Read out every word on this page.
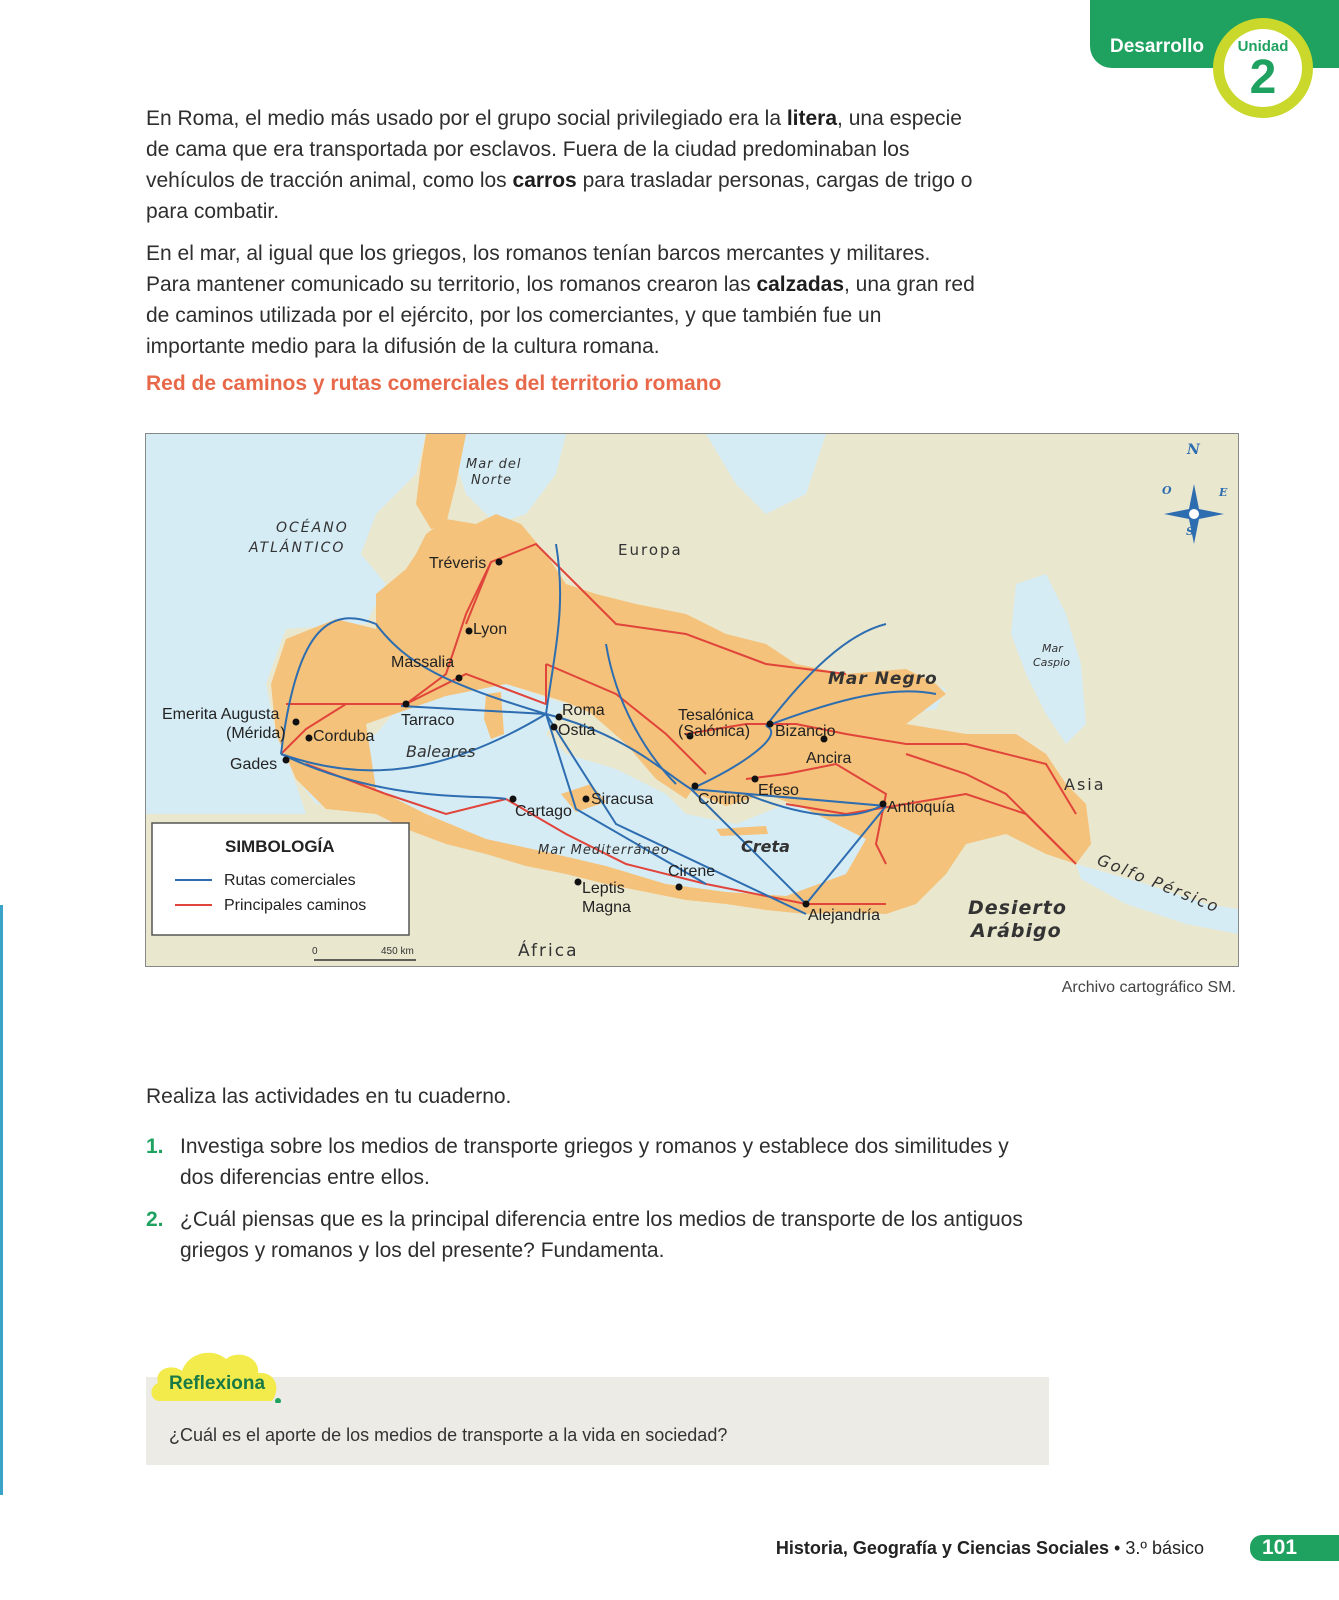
Desarrollo	Unidad
2

En Roma, el medio más usado por el grupo social privilegiado era la litera, una especie de cama que era transportada por esclavos. Fuera de la ciudad predominaban los vehículos de tracción animal, como los carros para trasladar personas, cargas de trigo o para combatir.

En el mar, al igual que los griegos, los romanos tenían barcos mercantes y militares. Para mantener comunicado su territorio, los romanos crearon las calzadas, una gran red de caminos utilizada por el ejército, por los comerciantes, y que también fue un importante medio para la difusión de la cultura romana.

Red de caminos y rutas comerciales del territorio romano
Mar del
Norte
OCÉANO
ATLÁNTICO
Mar
Caspio
Mar Negro
Mar Mediterráneo	Creta
Baleares
Desierto
Arábigo
Golfo Pérsico
Europa
Asia
África
N
S
E
O
Tréveris
Lyon
Massalia
Emerita Augusta
(Mérida) Corduba
Gades
Tarraco
Roma
Ostia
Tesalónica
(Salónica) Bizancio
Ancira
Efeso
Corinto	Antioquía
Siracusa
Cartago
Leptis
Magna
Cirene
Alejandría
SIMBOLOGÍA
Rutas comerciales
Principales caminos
0	450 km
Archivo cartográfico SM.
Realiza las actividades en tu cuaderno.
1. Investiga sobre los medios de transporte griegos y romanos y establece dos similitudes y dos diferencias entre ellos.
2. ¿Cuál piensas que es la principal diferencia entre los medios de transporte de los antiguos griegos y romanos y los del presente? Fundamenta.
Reflexiona
¿Cuál es el aporte de los medios de transporte a la vida en sociedad?
Historia, Geografía y Ciencias Sociales • 3.º básico	101
